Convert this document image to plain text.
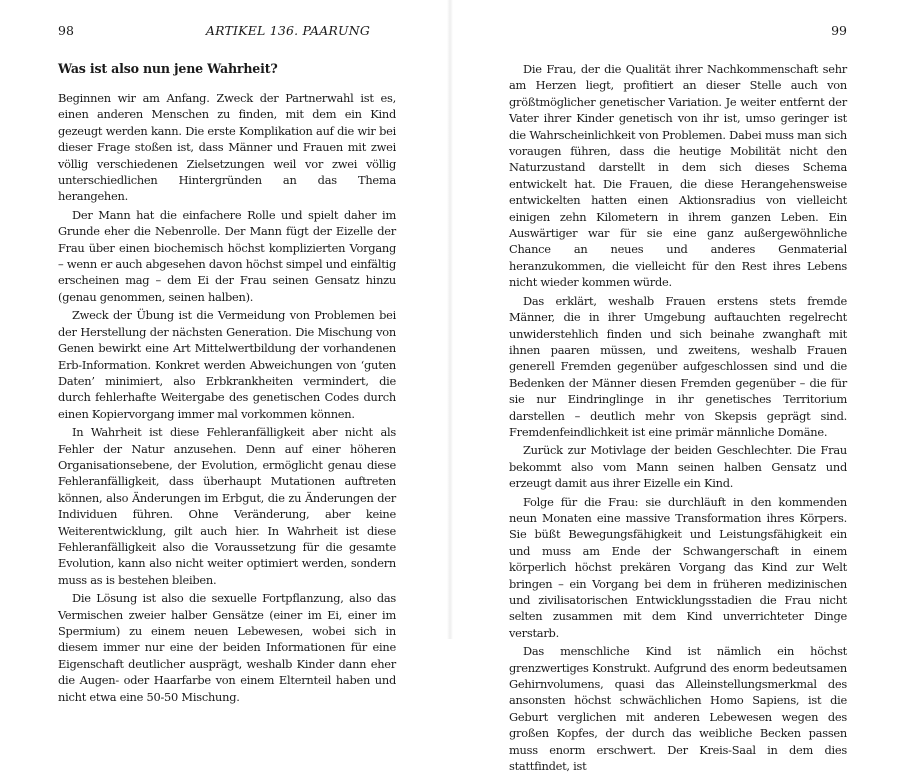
98	ARTIKEL 136. PAARUNG
Was ist also nun jene Wahrheit?

Beginnen wir am Anfang. Zweck der Partnerwahl ist es, einen anderen Menschen zu finden, mit dem ein Kind gezeugt werden kann. Die erste Komplikation auf die wir bei dieser Frage stoßen ist, dass Männer und Frauen mit zwei völlig verschiedenen Zielsetzungen weil vor zwei völlig unterschiedlichen Hintergründen an das Thema herangehen.

Der Mann hat die einfachere Rolle und spielt daher im Grunde eher die Nebenrolle. Der Mann fügt der Eizelle der Frau über einen biochemisch höchst komplizierten Vorgang – wenn er auch abgesehen davon höchst simpel und einfältig erscheinen mag – dem Ei der Frau seinen Gensatz hinzu (genau genommen, seinen halben).

Zweck der Übung ist die Vermeidung von Problemen bei der Herstellung der nächsten Generation. Die Mischung von Genen bewirkt eine Art Mittelwertbildung der vorhandenen Erb-Information. Konkret werden Abweichungen von ‘guten Daten’ minimiert, also Erbkrankheiten vermindert, die durch fehlerhafte Weitergabe des genetischen Codes durch einen Kopiervorgang immer mal vorkommen können.

In Wahrheit ist diese Fehleranfälligkeit aber nicht als Fehler der Natur anzusehen. Denn auf einer höheren Organisationsebene, der Evolution, ermöglicht genau diese Fehleranfälligkeit, dass überhaupt Mutationen auftreten können, also Änderungen im Erbgut, die zu Änderungen der Individuen führen. Ohne Veränderung, aber keine Weiterentwicklung, gilt auch hier. In Wahrheit ist diese Fehleranfälligkeit also die Voraussetzung für die gesamte Evolution, kann also nicht weiter optimiert werden, sondern muss as is bestehen bleiben.

Die Lösung ist also die sexuelle Fortpflanzung, also das Vermischen zweier halber Gensätze (einer im Ei, einer im Spermium) zu einem neuen Lebewesen, wobei sich in diesem immer nur eine der beiden Informationen für eine Eigenschaft deutlicher ausprägt, weshalb Kinder dann eher die Augen- oder Haarfarbe von einem Elternteil haben und nicht etwa eine 50-50 Mischung.

99

Die Frau, der die Qualität ihrer Nachkommenschaft sehr am Herzen liegt, profitiert an dieser Stelle auch von größtmöglicher genetischer Variation. Je weiter entfernt der Vater ihrer Kinder genetisch von ihr ist, umso geringer ist die Wahrscheinlichkeit von Problemen. Dabei muss man sich voraugen führen, dass die heutige Mobilität nicht den Naturzustand darstellt in dem sich dieses Schema entwickelt hat. Die Frauen, die diese Herangehensweise entwickelten hatten einen Aktionsradius von vielleicht einigen zehn Kilometern in ihrem ganzen Leben. Ein Auswärtiger war für sie eine ganz außergewöhnliche Chance an neues und anderes Genmaterial heranzukommen, die vielleicht für den Rest ihres Lebens nicht wieder kommen würde.

Das erklärt, weshalb Frauen erstens stets fremde Männer, die in ihrer Umgebung auftauchten regelrecht unwiderstehlich finden und sich beinahe zwanghaft mit ihnen paaren müssen, und zweitens, weshalb Frauen generell Fremden gegenüber aufgeschlossen sind und die Bedenken der Männer diesen Fremden gegenüber – die für sie nur Eindringlinge in ihr genetisches Territorium darstellen – deutlich mehr von Skepsis geprägt sind. Fremdenfeindlichkeit ist eine primär männliche Domäne.

Zurück zur Motivlage der beiden Geschlechter. Die Frau bekommt also vom Mann seinen halben Gensatz und erzeugt damit aus ihrer Eizelle ein Kind.

Folge für die Frau: sie durchläuft in den kommenden neun Monaten eine massive Transformation ihres Körpers. Sie büßt Bewegungsfähigkeit und Leistungsfähigkeit ein und muss am Ende der Schwangerschaft in einem körperlich höchst prekären Vorgang das Kind zur Welt bringen – ein Vorgang bei dem in früheren medizinischen und zivilisatorischen Entwicklungsstadien die Frau nicht selten zusammen mit dem Kind unverrichteter Dinge verstarb.

Das menschliche Kind ist nämlich ein höchst grenzwertiges Konstrukt. Aufgrund des enorm bedeutsamen Gehirnvolumens, quasi das Alleinstellungsmerkmal des ansonsten höchst schwächlichen Homo Sapiens, ist die Geburt verglichen mit anderen Lebewesen wegen des großen Kopfes, der durch das weibliche Becken passen muss enorm erschwert. Der Kreis-Saal in dem dies stattfindet, ist
